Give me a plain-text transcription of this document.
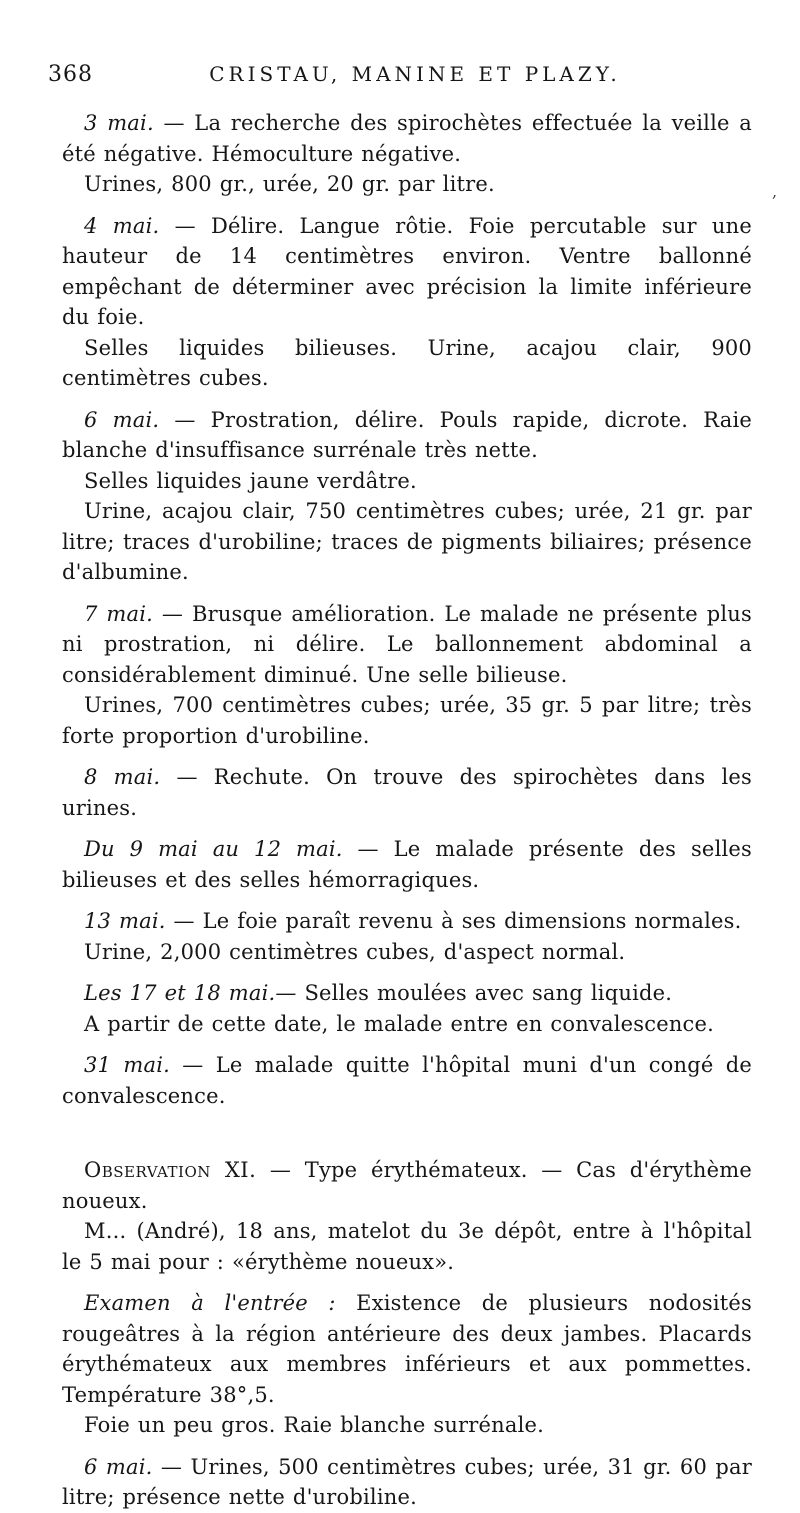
368	CRISTAU, MANINE ET PLAZY.
,

3 mai. — La recherche des spirochètes effectuée la veille a été négative. Hémoculture négative.

Urines, 800 gr., urée, 20 gr. par litre.

4 mai. — Délire. Langue rôtie. Foie percutable sur une hauteur de 14 centimètres environ. Ventre ballonné empêchant de déterminer avec précision la limite inférieure du foie.

Selles liquides bilieuses. Urine, acajou clair, 900 centimètres cubes.

6 mai. — Prostration, délire. Pouls rapide, dicrote. Raie blanche d'insuffisance surrénale très nette.

Selles liquides jaune verdâtre.

Urine, acajou clair, 750 centimètres cubes; urée, 21 gr. par litre; traces d'urobiline; traces de pigments biliaires; présence d'albumine.

7 mai. — Brusque amélioration. Le malade ne présente plus ni prostration, ni délire. Le ballonnement abdominal a considérablement diminué. Une selle bilieuse.

Urines, 700 centimètres cubes; urée, 35 gr. 5 par litre; très forte proportion d'urobiline.

8 mai. — Rechute. On trouve des spirochètes dans les urines.

Du 9 mai au 12 mai. — Le malade présente des selles bilieuses et des selles hémorragiques.

13 mai. — Le foie paraît revenu à ses dimensions normales.

Urine, 2,000 centimètres cubes, d'aspect normal.

Les 17 et 18 mai.— Selles moulées avec sang liquide.

A partir de cette date, le malade entre en convalescence.

31 mai. — Le malade quitte l'hôpital muni d'un congé de convalescence.

Observation XI. — Type érythémateux. — Cas d'érythème noueux.

M... (André), 18 ans, matelot du 3e dépôt, entre à l'hôpital le 5 mai pour : «érythème noueux».

Examen à l'entrée : Existence de plusieurs nodosités rougeâtres à la région antérieure des deux jambes. Placards érythémateux aux membres inférieurs et aux pommettes. Température 38°,5.

Foie un peu gros. Raie blanche surrénale.

6 mai. — Urines, 500 centimètres cubes; urée, 31 gr. 60 par litre; présence nette d'urobiline.
